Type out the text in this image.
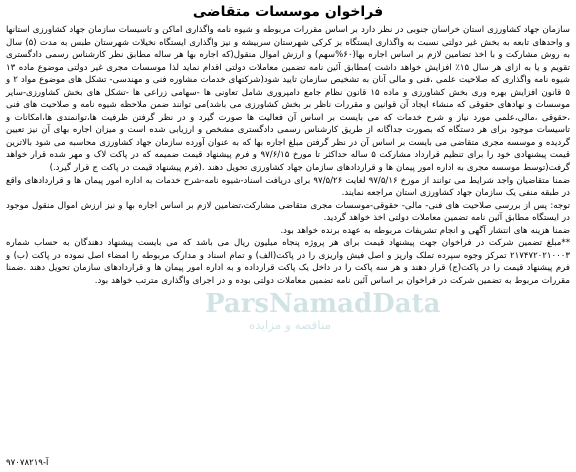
فراخوان موسسات متقاضی

سازمان جهاد کشاورزی استان خراسان جنوبی در نظر دارد بر اساس مقررات مربوطه و شیوه نامه واگذاری اماکن و تاسیسات سازمان جهاد کشاورزی استانها و واحدهای تابعه به بخش غیر دولتی نسبت به واگذاری ایستگاه بز کرکی شهرستان سربیشه و نیز واگذاری ایستگاه نخیلات شهرستان طبس به مدت (۵) سال به روش مشارکت و با اخذ تضامین لازم بر اساس اجاره بها(۶۰%سهم) و ارزش اموال منقول(که اجاره بها هر ساله مطابق نظر کارشناس رسمی دادگستری تقویم و یا به ازای هر سال ۱۵٪ افزایش خواهد داشت )مطابق آئین نامه تضمین معاملات دولتی اقدام نماید لذا موسسات مجری غیر دولتی موضوع ماده ۱۳ شیوه نامه واگذاری که صلاحیت علمی ،فنی و مالی آنان به تشخیص سازمان تایید شود(شرکتهای خدمات مشاوره فنی و مهندسی- تشکل های موضوع مواد ۲ و ۵ قانون افزایش بهره وری بخش کشاورزی و ماده ۱۵ قانون نظام جامع دامپروری شامل تعاونی ها -سهامی زراعی ها -تشکل های بخش کشاورزی-سایر موسسات و نهادهای حقوقی که منشاء ایجاد آن قوانین و مقررات ناظر بر بخش کشاورزی می باشد)می توانند ضمن ملاحظه شیوه نامه و صلاحیت های فنی ،حقوقی ،مالی،علمی مورد نیاز و شرح خدمات که می بایست بر اساس آن فعالیت ها صورت گیرد و در نظر گرفتن ظرفیت ها،توانمندی ها،امکانات و تاسیسات موجود برای هر دستگاه که بصورت جداگانه از طریق کارشناس رسمی دادگستری مشخص و ارزیابی شده است و میزان اجاره بهای آن نیز تعیین گردیده و موسسه مجری متقاضی می بایست بر اساس آن در نظر گرفتن مبلغ اجاره بها که به عنوان آورده سازمان جهاد کشاورزی محاسبه می شود بالاترین قیمت پیشنهادی خود را برای تنظیم قرارداد مشارکت ۵ ساله حداکثر تا مورخ ۹۷/۶/۱۵ و فرم پیشنهاد قیمت ضمیمه که در پاکت لاک و مهر شده قرار خواهد گرفت(توسط موسسه مجری به اداره امور پیمان ها و قراردادهای سازمان جهاد کشاورزی تحویل دهند .(فرم پیشنهاد قیمت در پاکت ج قرار گیرد.)

ضمنا متقاضیان واجد شرایط می توانند از مورخ ۹۷/۵/۱۶ لغایت ۹۷/۵/۲۶ برای دریافت اسناد-شیوه نامه-شرح خدمات به اداره امور پیمان ها و قراردادهای واقع در طبقه منفی یک سازمان جهاد کشاورزی استان مراجعه نمایند.

توجه: پس از بررسی صلاحیت های فنی- مالی- حقوقی-موسسات مجری متقاضی مشارکت،تضامین لازم بر اساس اجاره بها و نیز ارزش اموال منقول موجود در ایستگاه مطابق آئین نامه تضمین معاملات دولتی اخذ خواهد گردید.

ضمنا هزینه های انتشار آگهی و انجام تشریفات مربوطه به عهده برنده خواهد بود.

**مبلغ تضمین شرکت در فراخوان جهت پیشنهاد قیمت برای هر پروژه پنجاه میلیون ریال می باشد که می بایست پیشنهاد دهندگان به حساب شماره ۲۱۷۴۷۲۰۲۱۰۰۰۳ تمرکز وجوه سپرده تملک وارپز و اصل فیش واریزی را در پاکت(الف) و تمام اسناد و مدارک مربوطه را امضاء اصل نموده در پاکت (ب) و فرم پیشنهاد قیمت را در پاکت(ج) قرار دهند و هر سه پاکت را در داخل یک پاکت قرارداده و به اداره امور پیمان ها و قراردادهای سازمان تحویل دهند .ضمنا مقررات مربوط به تضمین شرکت در فراخوان بر اساس آئین نامه تضمین معاملات دولتی بوده و در اجرای واگذاری مترتب خواهد بود.

آ-۹۷۰۷۸۲۱۹
ParsNamadData
مناقصه و مزایده
